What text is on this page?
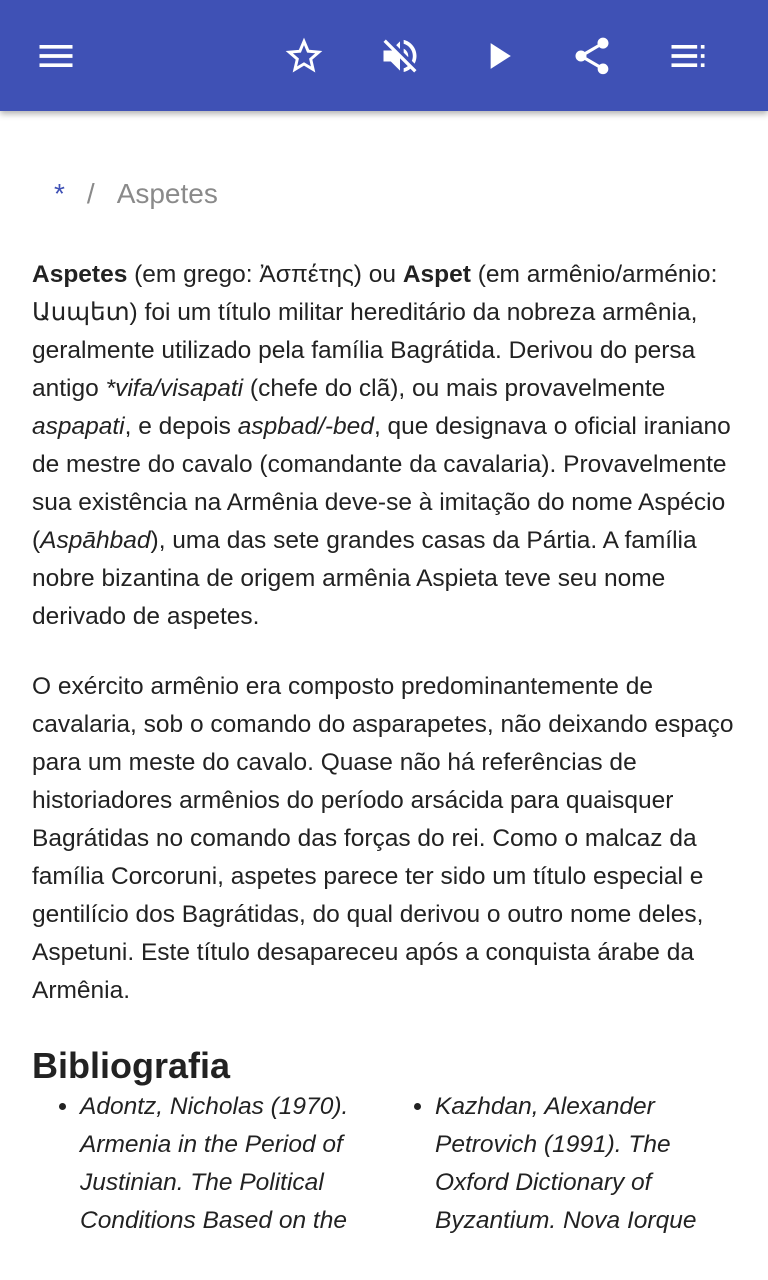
* / Aspetes

Aspetes (em grego: Ἀσπέτης) ou Aspet (em armênio/arménio: Ասպետ) foi um título militar hereditário da nobreza armênia, geralmente utilizado pela família Bagrátida. Derivou do persa antigo *vifa/visapati (chefe do clã), ou mais provavelmente aspapati, e depois aspbad/-bed, que designava o oficial iraniano de mestre do cavalo (comandante da cavalaria). Provavelmente sua existência na Armênia deve-se à imitação do nome Aspécio (Aspāhbad), uma das sete grandes casas da Pártia. A família nobre bizantina de origem armênia Aspieta teve seu nome derivado de aspetes.

O exército armênio era composto predominantemente de cavalaria, sob o comando do asparapetes, não deixando espaço para um meste do cavalo. Quase não há referências de historiadores armênios do período arsácida para quaisquer Bagrátidas no comando das forças do rei. Como o malcaz da família Corcoruni, aspetes parece ter sido um título especial e gentilício dos Bagrátidas, do qual derivou o outro nome deles, Aspetuni. Este título desapareceu após a conquista árabe da Armênia.

Bibliografia
• Adontz, Nicholas (1970). Armenia in the Period of Justinian. The Political Conditions Based on the
• Kazhdan, Alexander Petrovich (1991). The Oxford Dictionary of Byzantium. Nova Iorque
